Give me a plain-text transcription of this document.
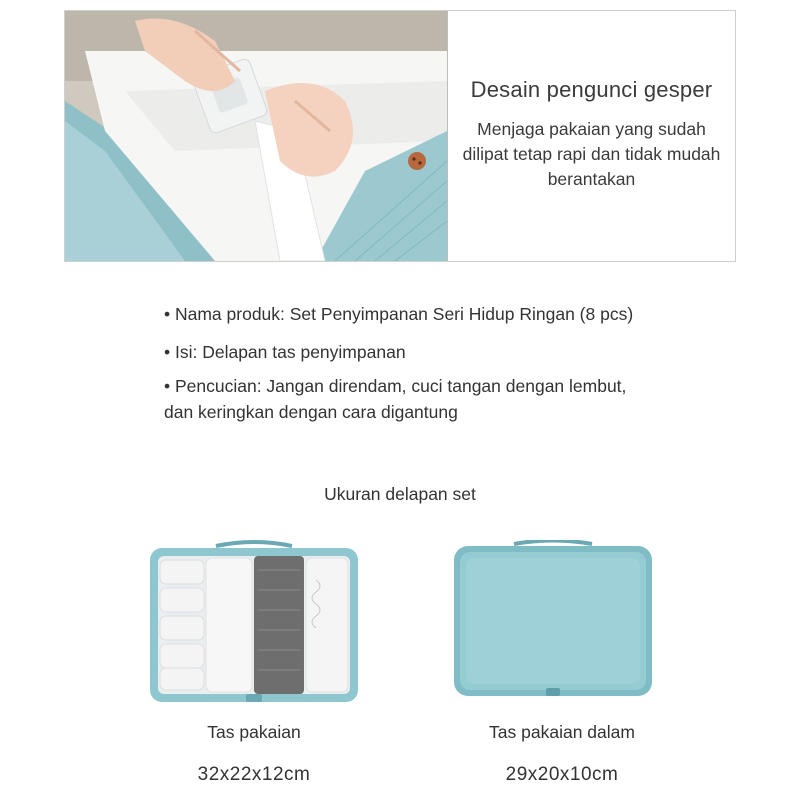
Desain pengunci gesper
Menjaga pakaian yang sudah dilipat tetap rapi dan tidak mudah berantakan
• Nama produk: Set Penyimpanan Seri Hidup Ringan (8 pcs)
• Isi: Delapan tas penyimpanan
• Pencucian: Jangan direndam, cuci tangan dengan lembut,
dan keringkan dengan cara digantung
Ukuran delapan set
Tas pakaian
32x22x12cm
Tas pakaian dalam
29x20x10cm
